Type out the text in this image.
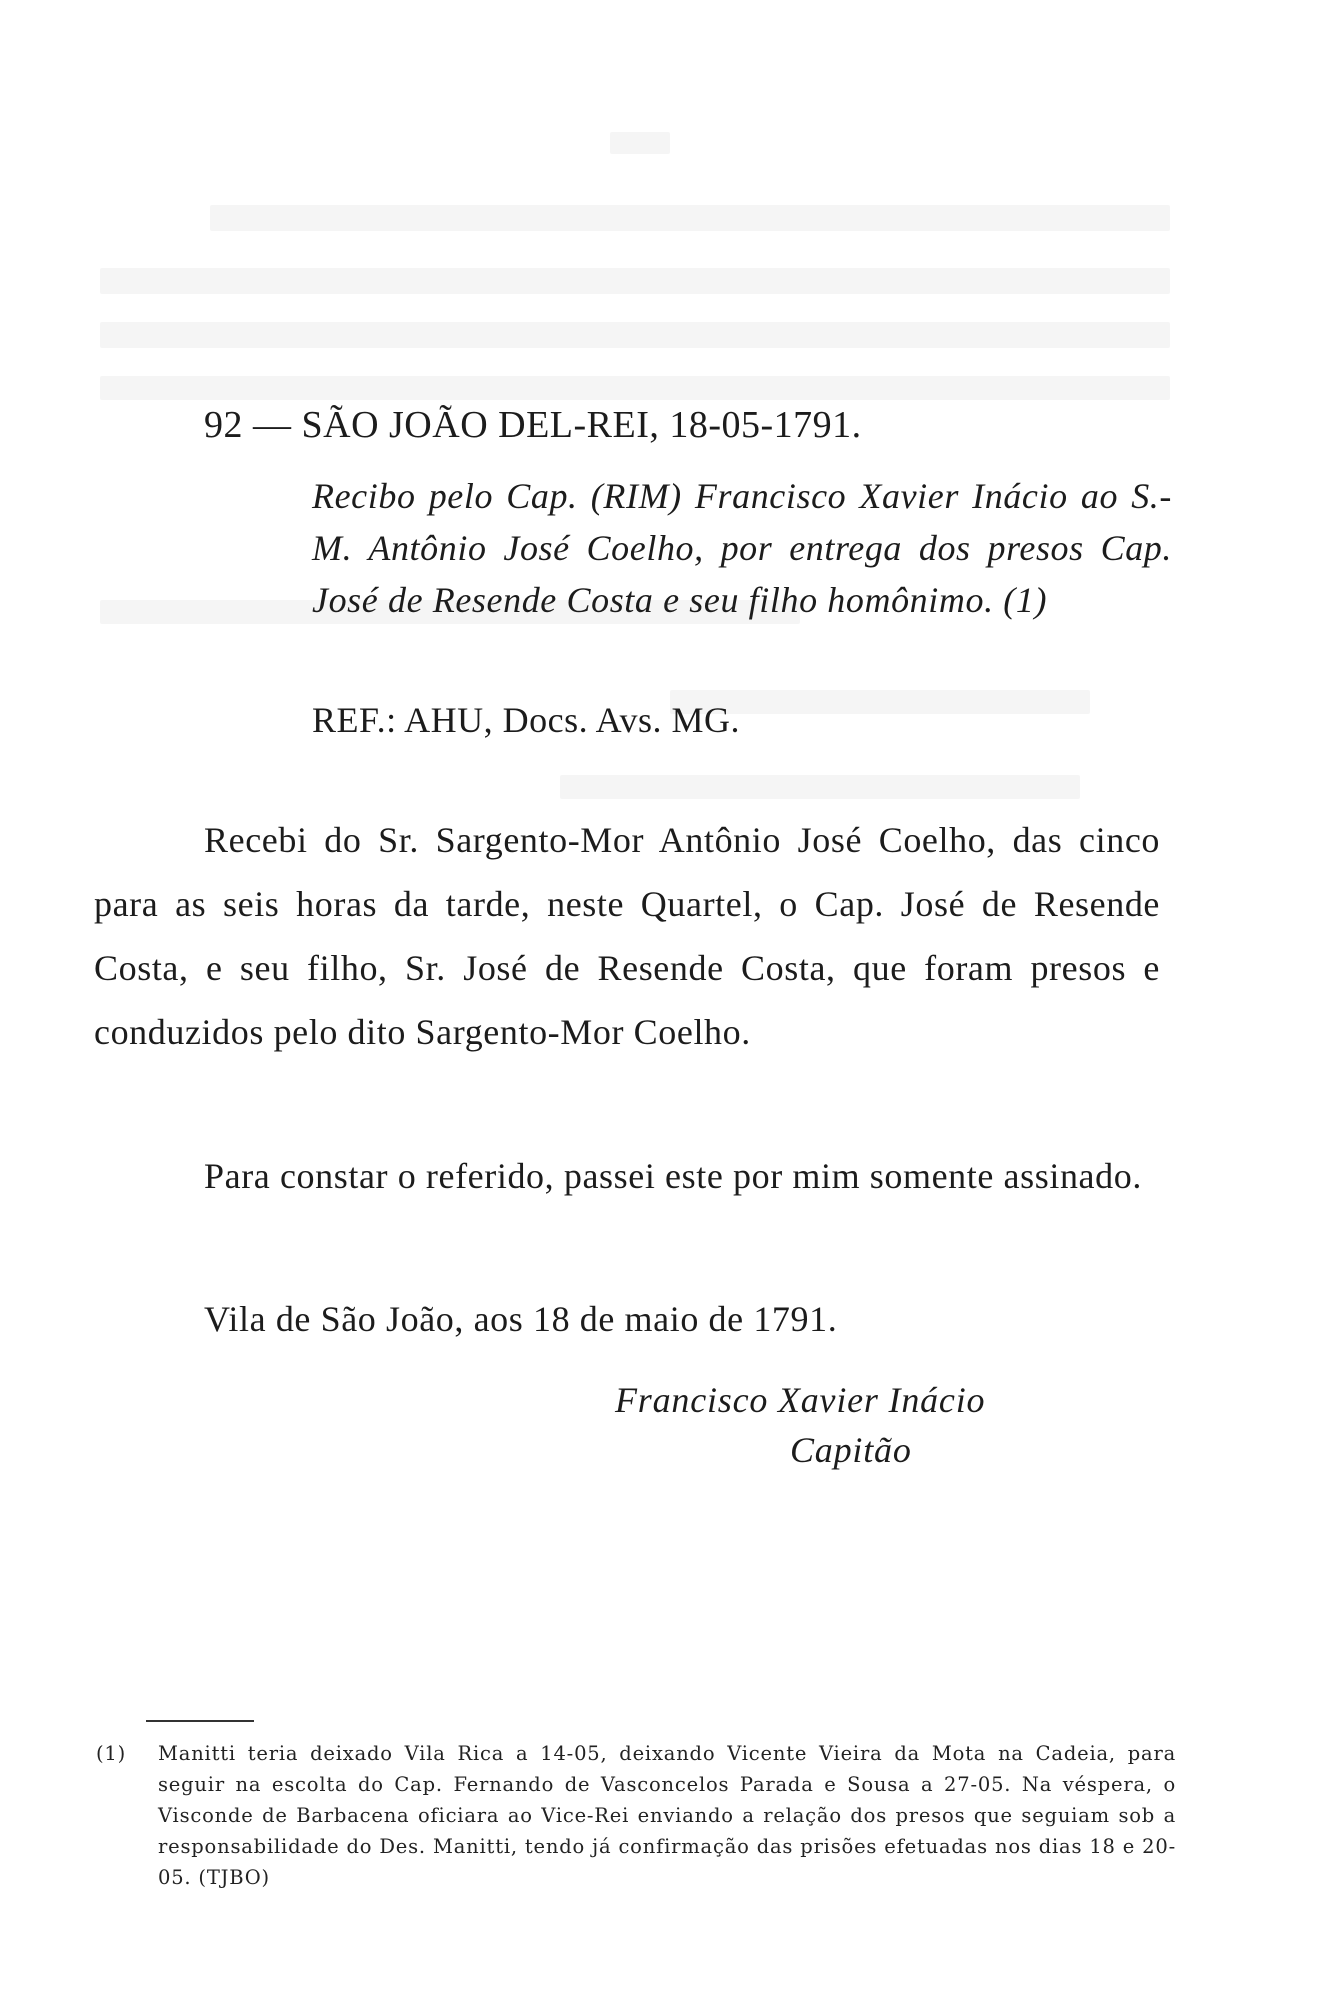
92 — SÃO JOÃO DEL-REI, 18-05-1791.
Recibo pelo Cap. (RIM) Francisco Xavier Inácio ao S.-M. Antônio José Coelho, por entrega dos presos Cap. José de Resende Costa e seu filho homônimo. (1)
REF.: AHU, Docs. Avs. MG.

Recebi do Sr. Sargento-Mor Antônio José Coelho, das cinco para as seis horas da tarde, neste Quartel, o Cap. José de Resende Costa, e seu filho, Sr. José de Resende Costa, que foram presos e conduzidos pelo dito Sargento-Mor Coelho.

Para constar o referido, passei este por mim somente assinado.

Vila de São João, aos 18 de maio de 1791.

Francisco Xavier Inácio
Capitão
(1) Manitti teria deixado Vila Rica a 14-05, deixando Vicente Vieira da Mota na Cadeia, para seguir na escolta do Cap. Fernando de Vasconcelos Parada e Sousa a 27-05. Na véspera, o Visconde de Barbacena oficiara ao Vice-Rei enviando a relação dos presos que seguiam sob a responsabilidade do Des. Manitti, tendo já confirmação das prisões efetuadas nos dias 18 e 20-05. (TJBO)
